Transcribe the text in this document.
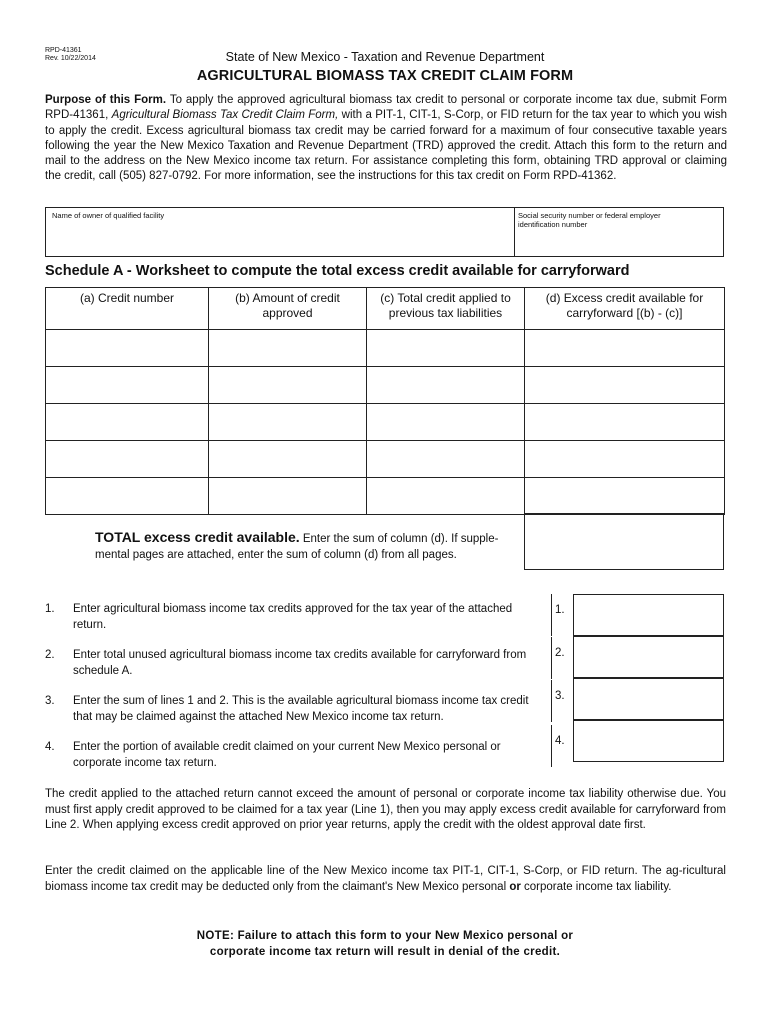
RPD-41361
Rev. 10/22/2014	State of New Mexico - Taxation and Revenue Department
AGRICULTURAL BIOMASS TAX CREDIT CLAIM FORM
Purpose of this Form. To apply the approved agricultural biomass tax credit to personal or corporate income tax due, submit Form RPD-41361, Agricultural Biomass Tax Credit Claim Form, with a PIT-1, CIT-1, S-Corp, or FID return for the tax year to which you wish to apply the credit. Excess agricultural biomass tax credit may be carried forward for a maximum of four consecutive taxable years following the year the New Mexico Taxation and Revenue Department (TRD) approved the credit. Attach this form to the return and mail to the address on the New Mexico income tax return. For assistance completing this form, obtaining TRD approval or claiming the credit, call (505) 827-0792. For more information, see the instructions for this tax credit on Form RPD-41362.
Name of owner of qualified facility	Social security number or federal employer identification number
Schedule A - Worksheet to compute the total excess credit available for carryforward
(a) Credit number	(b) Amount of credit approved	(c) Total credit applied to previous tax liabilities	(d) Excess credit available for carryforward [(b) - (c)]

TOTAL excess credit available. Enter the sum of column (d). If supple-mental pages are attached, enter the sum of column (d) from all pages.
1. Enter agricultural biomass income tax credits approved for the tax year of the attached return.
1.
2. Enter total unused agricultural biomass income tax credits available for carryforward from schedule A.
2.
3. Enter the sum of lines 1 and 2. This is the available agricultural biomass income tax credit that may be claimed against the attached New Mexico income tax return.
3.
4. Enter the portion of available credit claimed on your current New Mexico personal or corporate income tax return.
4.
The credit applied to the attached return cannot exceed the amount of personal or corporate income tax liability otherwise due. You must first apply credit approved to be claimed for a tax year (Line 1), then you may apply excess credit available for carryforward from Line 2. When applying excess credit approved on prior year returns, apply the credit with the oldest approval date first.
Enter the credit claimed on the applicable line of the New Mexico income tax PIT-1, CIT-1, S-Corp, or FID return. The ag-ricultural biomass income tax credit may be deducted only from the claimant's New Mexico personal or corporate income tax liability.
NOTE: Failure to attach this form to your New Mexico personal or
corporate income tax return will result in denial of the credit.
